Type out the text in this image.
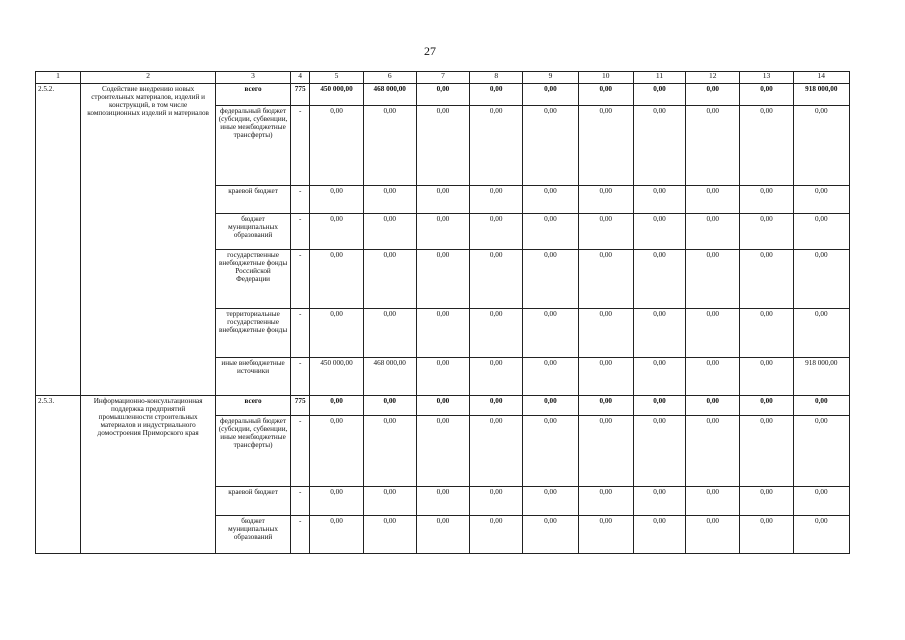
27
1	2	3	4	5	6	7	8	9	10	11	12	13	14
2.5.2.	Содействие внедрению новых строительных материалов, изделий и конструкций, в том числе композиционных изделий и материалов	всего	775	450 000,00	468 000,00	0,00	0,00	0,00	0,00	0,00	0,00	0,00	918 000,00
		федеральный бюджет (субсидии, субвенции, иные межбюджетные трансферты)	-	0,00	0,00	0,00	0,00	0,00	0,00	0,00	0,00	0,00	0,00
		краевой бюджет	-	0,00	0,00	0,00	0,00	0,00	0,00	0,00	0,00	0,00	0,00
		бюджет муниципальных образований	-	0,00	0,00	0,00	0,00	0,00	0,00	0,00	0,00	0,00	0,00
		государственные внебюджетные фонды Российской Федерации	-	0,00	0,00	0,00	0,00	0,00	0,00	0,00	0,00	0,00	0,00
		территориальные государственные внебюджетные фонды	-	0,00	0,00	0,00	0,00	0,00	0,00	0,00	0,00	0,00	0,00
		иные внебюджетные источники	-	450 000,00	468 000,00	0,00	0,00	0,00	0,00	0,00	0,00	0,00	918 000,00
2.5.3.	Информационно-консультационная поддержка предприятий промышленности строительных материалов и индустриального домостроения Приморского края	всего	775	0,00	0,00	0,00	0,00	0,00	0,00	0,00	0,00	0,00	0,00
		федеральный бюджет (субсидии, субвенции, иные межбюджетные трансферты)	-	0,00	0,00	0,00	0,00	0,00	0,00	0,00	0,00	0,00	0,00
		краевой бюджет	-	0,00	0,00	0,00	0,00	0,00	0,00	0,00	0,00	0,00	0,00
		бюджет муниципальных образований	-	0,00	0,00	0,00	0,00	0,00	0,00	0,00	0,00	0,00	0,00
